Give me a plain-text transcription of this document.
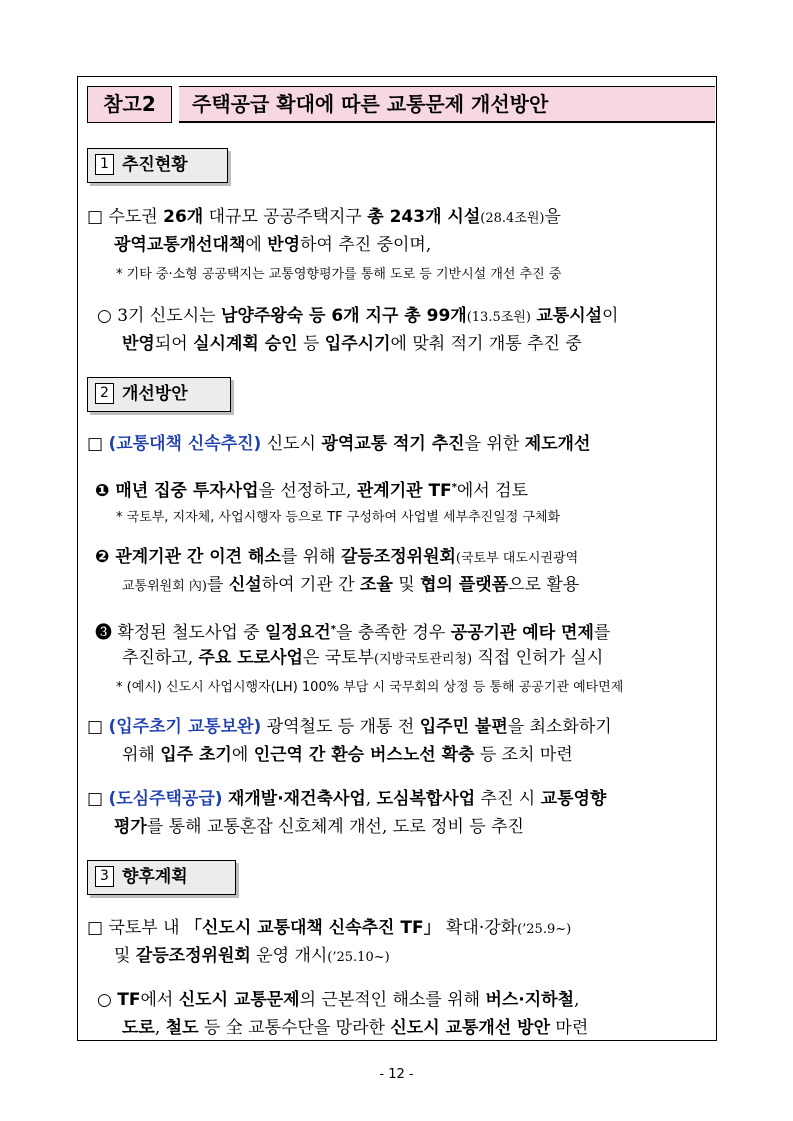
참고2	주택공급 확대에 따른 교통문제 개선방안
1 추진현황
□ 수도권 26개 대규모 공공주택지구 총 243개 시설(28.4조원)을
광역교통개선대책에 반영하여 추진 중이며,
* 기타 중·소형 공공택지는 교통영향평가를 통해 도로 등 기반시설 개선 추진 중
○ 3기 신도시는 남양주왕숙 등 6개 지구 총 99개(13.5조원) 교통시설이
반영되어 실시계획 승인 등 입주시기에 맞춰 적기 개통 추진 중
2 개선방안
□ (교통대책 신속추진) 신도시 광역교통 적기 추진을 위한 제도개선
❶ 매년 집중 투자사업을 선정하고, 관계기관 TF*에서 검토
* 국토부, 지자체, 사업시행자 등으로 TF 구성하여 사업별 세부추진일정 구체화
❷ 관계기관 간 이견 해소를 위해 갈등조정위원회(국토부 대도시권광역
교통위원회 內)를 신설하여 기관 간 조율 및 협의 플랫폼으로 활용
❸ 확정된 철도사업 중 일정요건*을 충족한 경우 공공기관 예타 면제를
추진하고, 주요 도로사업은 국토부(지방국토관리청) 직접 인허가 실시
* (예시) 신도시 사업시행자(LH) 100% 부담 시 국무회의 상정 등 통해 공공기관 예타면제
□ (입주초기 교통보완) 광역철도 등 개통 전 입주민 불편을 최소화하기
위해 입주 초기에 인근역 간 환승 버스노선 확충 등 조치 마련
□ (도심주택공급) 재개발·재건축사업, 도심복합사업 추진 시 교통영향
평가를 통해 교통혼잡 신호체계 개선, 도로 정비 등 추진
3 향후계획
□ 국토부 내 「신도시 교통대책 신속추진 TF」 확대·강화(’25.9~)
및 갈등조정위원회 운영 개시(’25.10~)
○ TF에서 신도시 교통문제의 근본적인 해소를 위해 버스·지하철,
도로, 철도 등 全 교통수단을 망라한 신도시 교통개선 방안 마련
- 12 -
